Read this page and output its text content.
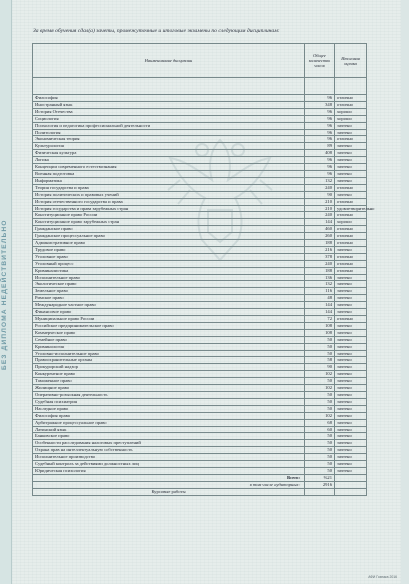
БЕЗ ДИПЛОМА НЕДЕЙСТВИТЕЛЬНО
За время обучения сдал(а) зачеты, промежуточные и итоговые экзамены по следующим дисциплинам:
Наименование дисциплин	Общее количество часов	Итоговая оценка

Философия	96	отлично
Иностранный язык	348	отлично
История Отечества	96	хорошо
Социология	96	хорошо
Психология и педагогика профессиональной деятельности	96	зачтено
Политология	96	зачтено
Экономическая теория	96	отлично
Культурология	89	зачтено
Физическая культура	408	зачтено
Логика	96	зачтено
Концепции современного естествознания	96	зачтено
Военная подготовка	96	зачтено
Информатика	132	зачтено
Теория государства и права	240	отлично
История политических и правовых учений	90	зачтено
История отечественного государства и права	210	отлично
История государства и права зарубежных стран	210	удовлетворительно
Конституционное право России	240	отлично
Конституционное право зарубежных стран	144	хорошо
Гражданское право	460	отлично
Гражданское процессуальное право	260	отлично
Административное право	188	отлично
Трудовое право	216	зачтено
Уголовное право	378	отлично
Уголовный процесс	240	отлично
Криминалистика	188	отлично
Исполнительное право	136	зачтено
Экологическое право	132	зачтено
Земельное право	116	зачтено
Римское право	48	зачтено
Международное частное право	144	зачтено
Финансовое право	144	зачтено
Муниципальное право России	72	отлично
Российское предпринимательское право	108	зачтено
Коммерческое право	108	зачтено
Семейное право	50	зачтено
Криминология	50	зачтено
Уголовно-исполнительное право	50	зачтено
Правоохранительные органы	58	зачтено
Прокурорский надзор	90	зачтено
Конкурентное право	102	зачтено
Таможенное право	50	зачтено
Жилищное право	102	зачтено
Оперативно-розыскная деятельность	50	зачтено
Судебная психиатрия	50	зачтено
Наследное право	50	зачтено
Философия права	102	зачтено
Арбитражное процессуальное право	68	зачтено
Латинский язык	60	зачтено
Банковское право	50	зачтено
Особенности расследования налоговых преступлений	50	зачтено
Охрана прав на интеллектуальную собственность	50	зачтено
Исполнительное производство	50	зачтено
Судебный контроль за действиями должностных лиц	50	зачтено
Юридическая психология	50	зачтено
Всего:	%21	
в том числе аудиторных:	2916	
Курсовые работы		
АФИ Гознака 2016
